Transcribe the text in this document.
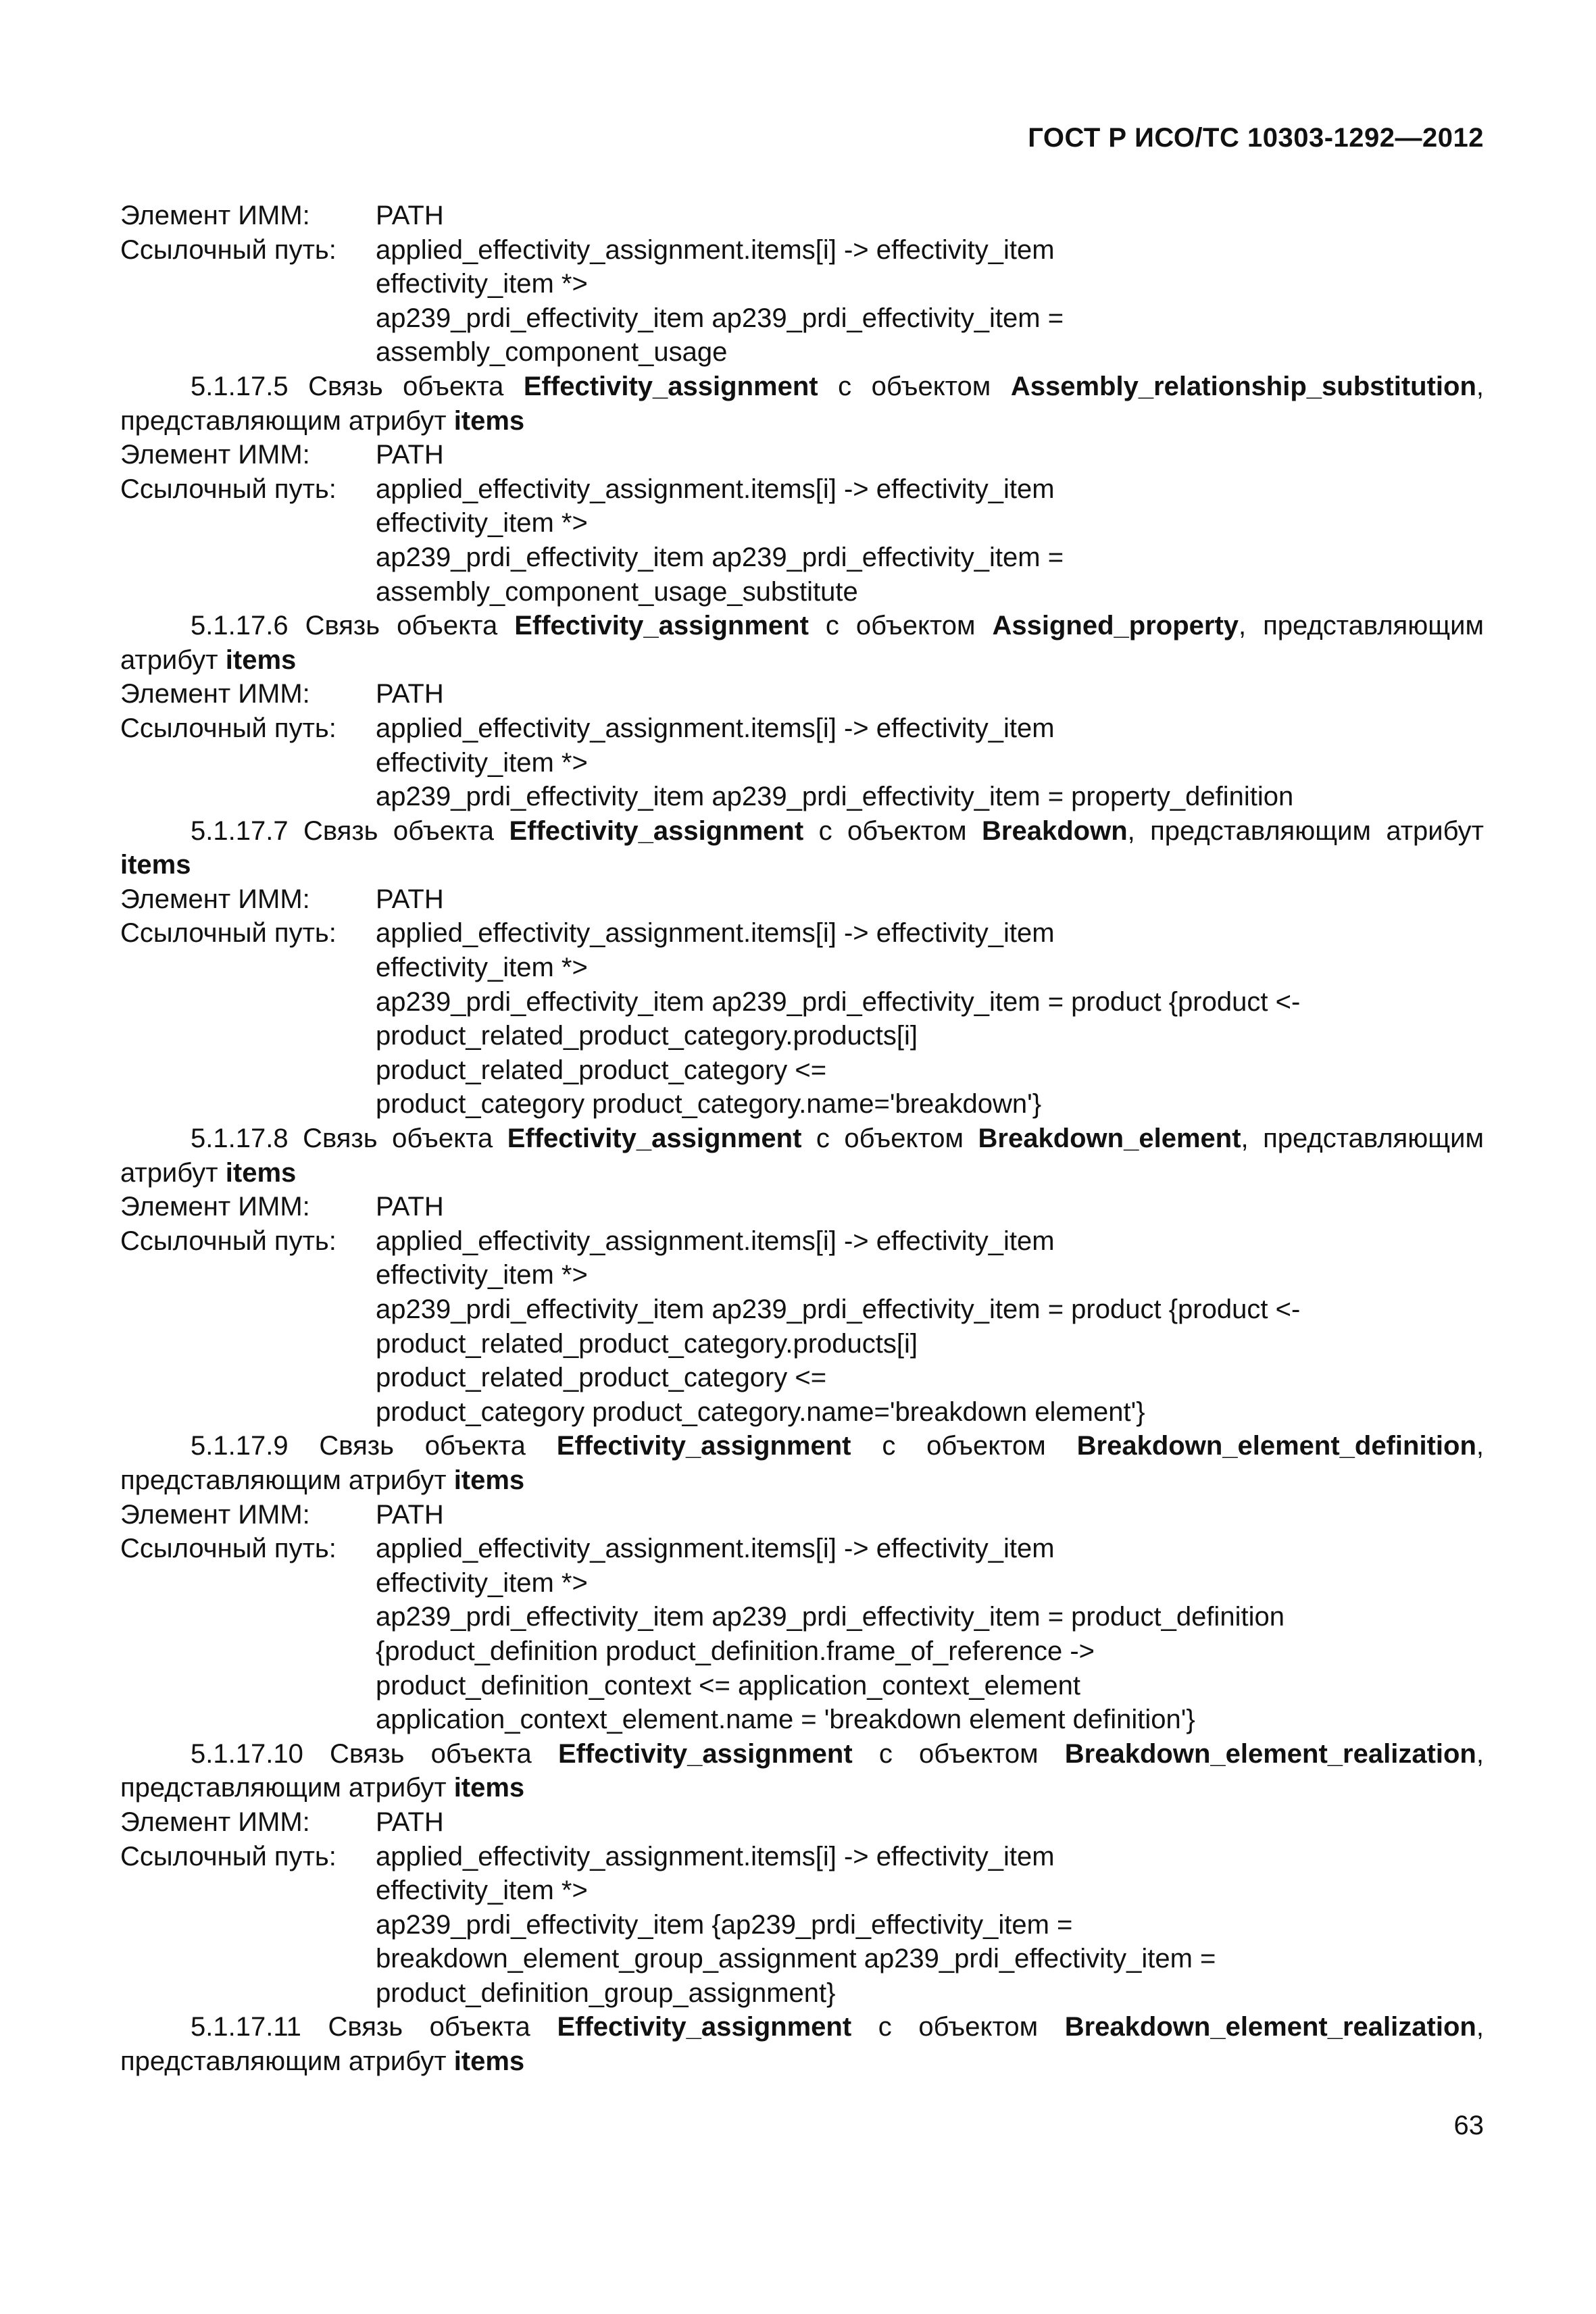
ГОСТ Р ИСО/ТС 10303-1292—2012
Элемент ИММ:	PATH
Ссылочный путь:	applied_effectivity_assignment.items[i] -> effectivity_item
effectivity_item *>
ap239_prdi_effectivity_item ap239_prdi_effectivity_item =
assembly_component_usage
5.1.17.5 Связь объекта Effectivity_assignment с объектом Assembly_relationship_substitution, представляющим атрибут items
Элемент ИММ:	PATH
Ссылочный путь:	applied_effectivity_assignment.items[i] -> effectivity_item
effectivity_item *>
ap239_prdi_effectivity_item ap239_prdi_effectivity_item =
assembly_component_usage_substitute
5.1.17.6 Связь объекта Effectivity_assignment с объектом Assigned_property, представляющим атрибут items
Элемент ИММ:	PATH
Ссылочный путь:	applied_effectivity_assignment.items[i] -> effectivity_item
effectivity_item *>
ap239_prdi_effectivity_item ap239_prdi_effectivity_item = property_definition
5.1.17.7 Связь объекта Effectivity_assignment с объектом Breakdown, представляющим атрибут items
Элемент ИММ:	PATH
Ссылочный путь:	applied_effectivity_assignment.items[i] -> effectivity_item
effectivity_item *>
ap239_prdi_effectivity_item ap239_prdi_effectivity_item = product {product <-
product_related_product_category.products[i]
product_related_product_category <=
product_category product_category.name='breakdown'}
5.1.17.8 Связь объекта Effectivity_assignment с объектом Breakdown_element, представляющим атрибут items
Элемент ИММ:	PATH
Ссылочный путь:	applied_effectivity_assignment.items[i] -> effectivity_item
effectivity_item *>
ap239_prdi_effectivity_item ap239_prdi_effectivity_item = product {product <-
product_related_product_category.products[i]
product_related_product_category <=
product_category product_category.name='breakdown element'}
5.1.17.9 Связь объекта Effectivity_assignment с объектом Breakdown_element_definition, представляющим атрибут items
Элемент ИММ:	PATH
Ссылочный путь:	applied_effectivity_assignment.items[i] -> effectivity_item
effectivity_item *>
ap239_prdi_effectivity_item ap239_prdi_effectivity_item = product_definition
{product_definition product_definition.frame_of_reference ->
product_definition_context <= application_context_element
application_context_element.name = 'breakdown element definition'}
5.1.17.10 Связь объекта Effectivity_assignment с объектом Breakdown_element_realization, представляющим атрибут items
Элемент ИММ:	PATH
Ссылочный путь:	applied_effectivity_assignment.items[i] -> effectivity_item
effectivity_item *>
ap239_prdi_effectivity_item {ap239_prdi_effectivity_item =
breakdown_element_group_assignment ap239_prdi_effectivity_item =
product_definition_group_assignment}
5.1.17.11 Связь объекта Effectivity_assignment с объектом Breakdown_element_realization, представляющим атрибут items
63
